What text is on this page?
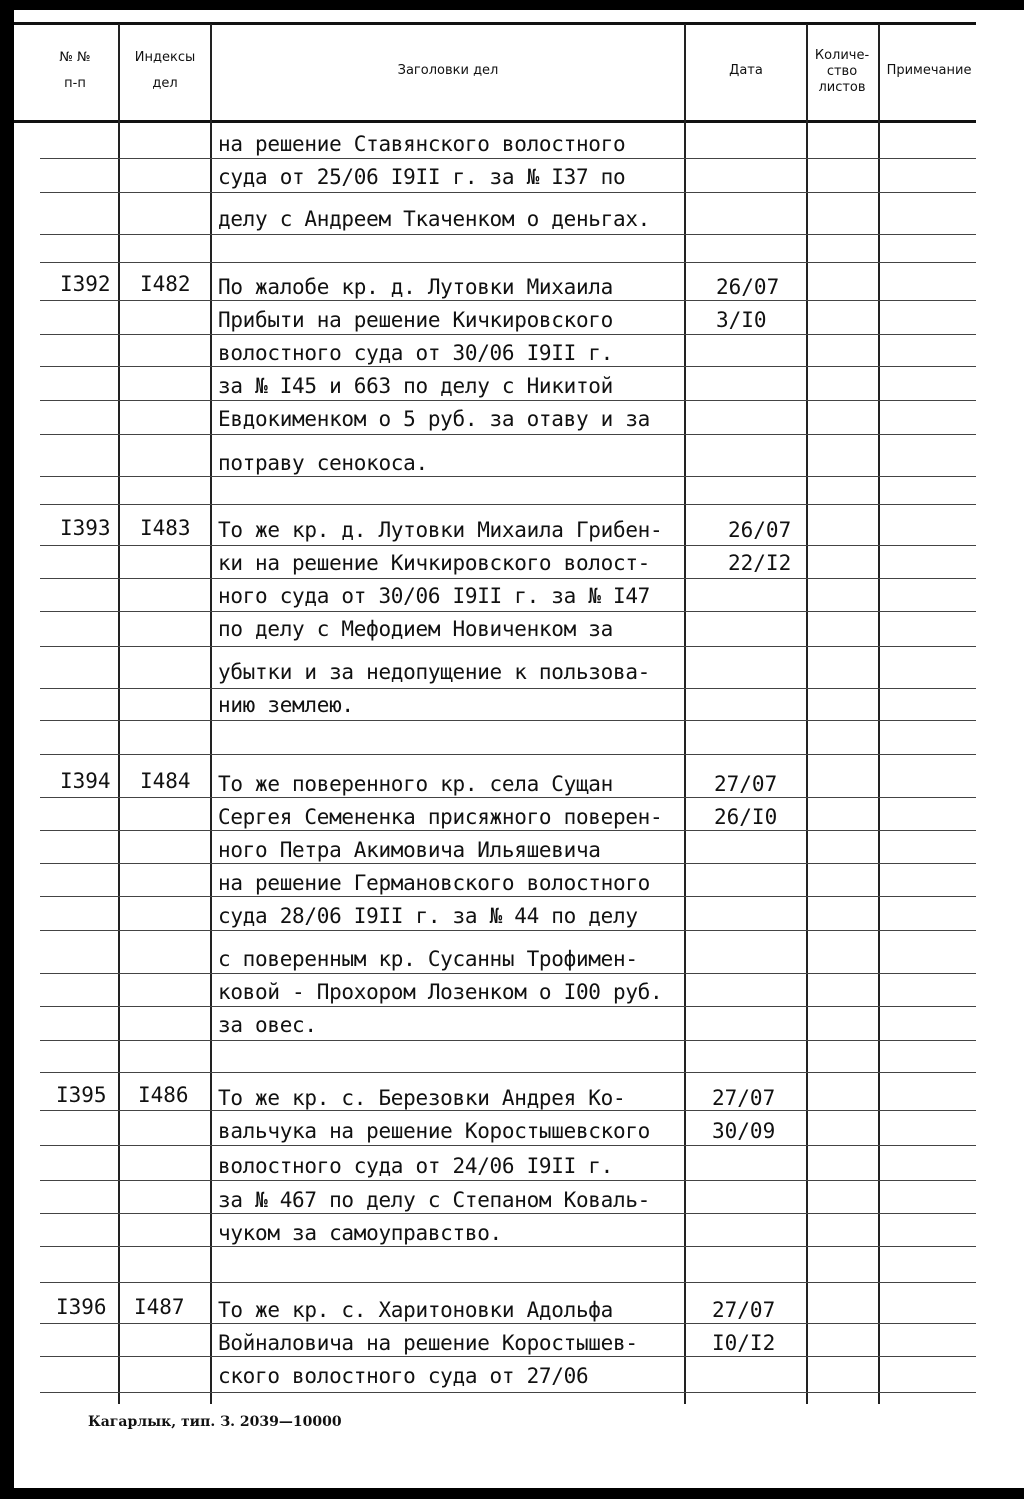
№ №
п-п
Индексы
дел
Заголовки дел	Дата
Количе-
ство
листов
Примечание
на решение Ставянского волостного
суда от 25/06 I9II г. за № I37 по
делу с Андреем Ткаченком о деньгах.
I392 I482 По жалобе кр. д. Лутовки Михаила
Прибыти на решение Кичкировского
волостного суда от 30/06 I9II г.
за № I45 и 663 по делу с Никитой
Евдокименком о 5 руб. за отаву и за
потраву сенокоса.
26/07
3/I0
I393 I483 То же кр. д. Лутовки Михаила Грибен-
ки на решение Кичкировского волост-
ного суда от 30/06 I9II г. за № I47
по делу с Мефодием Новиченком за
убытки и за недопущение к пользова-
нию землею.
26/07
22/I2
I394 I484 То же поверенного кр. села Сущан
Сергея Семененка присяжного поверен-
ного Петра Акимовича Ильяшевича
на решение Германовского волостного
суда 28/06 I9II г. за № 44 по делу
с поверенным кр. Сусанны Трофимен-
ковой - Прохором Лозенком о I00 руб.
за овес.
27/07
26/I0
I395 I486 То же кр. с. Березовки Андрея Ко-
вальчука на решение Коростышевского
волостного суда от 24/06 I9II г.
за № 467 по делу с Степаном Коваль-
чуком за самоуправство.
27/07
30/09
I396 I487 То же кр. с. Харитоновки Адольфа
Войналовича на решение Коростышев-
ского волостного суда от 27/06
27/07
I0/I2
Кагарлык, тип. З. 2039—10000
